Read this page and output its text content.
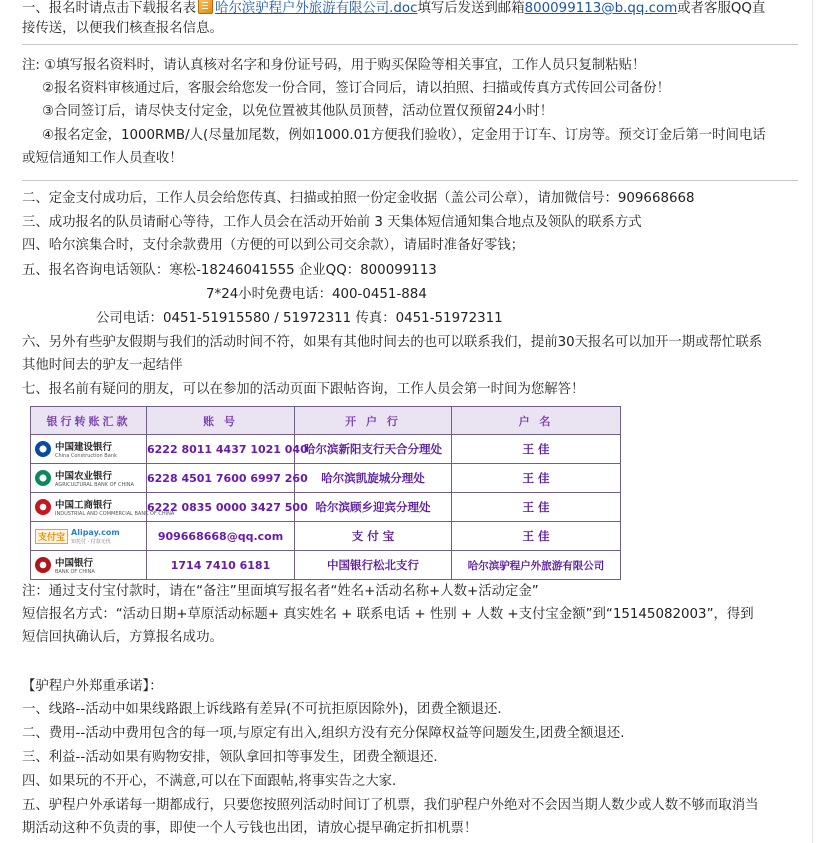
一、报名时请点击下载报名表 哈尔滨驴程户外旅游有限公司.doc填写后发送到邮箱800099113@b.qq.com或者客服QQ直
接传送，以便我们核查报名信息。
注: ①填写报名资料时，请认真核对名字和身份证号码，用于购买保险等相关事宜，工作人员只复制粘贴！
②报名资料审核通过后，客服会给您发一份合同，签订合同后，请以拍照、扫描或传真方式传回公司备份！
③合同签订后，请尽快支付定金，以免位置被其他队员顶替，活动位置仅预留24小时！
④报名定金，1000RMB/人(尽量加尾数，例如1000.01方便我们验收），定金用于订车、订房等。预交订金后第一时间电话
或短信通知工作人员查收！
二、定金支付成功后，工作人员会给您传真、扫描或拍照一份定金收据（盖公司公章），请加微信号：909668668
三、成功报名的队员请耐心等待，工作人员会在活动开始前 3 天集体短信通知集合地点及领队的联系方式
四、哈尔滨集合时，支付余款费用（方便的可以到公司交余款），请届时准备好零钱；
五、报名咨询电话领队：寒松-18246041555 企业QQ：800099113
7*24小时免费电话：400-0451-884
公司电话：0451-51915580 / 51972311 传真：0451-51972311
六、另外有些驴友假期与我们的活动时间不符，如果有其他时间去的也可以联系我们，提前30天报名可以加开一期或帮忙联系
其他时间去的驴友一起结伴
七、报名前有疑问的朋友，可以在参加的活动页面下跟帖咨询，工作人员会第一时间为您解答！
银行转账汇款	账 号	开 户 行	户 名

中国建设银行
China Construction Bank	6222 8011 4437 1021 040	哈尔滨新阳支行天合分理处	王 佳

中国农业银行
AGRICULTURAL BANK OF CHINA	6228 4501 7600 6997 260	哈尔滨凯旋城分理处	王 佳

中国工商银行
INDUSTRIAL AND COMMERCIAL BANK OF CHINA	6222 0835 0000 3427 500	哈尔滨顾乡迎宾分理处	王 佳

支付宝 Alipay.com
知托付 · 付款无忧	909668668@qq.com	支 付 宝	王 佳

中国银行
BANK OF CHINA	1714 7410 6181	中国银行松北支行	哈尔滨驴程户外旅游有限公司
注：通过支付宝付款时，请在“备注”里面填写报名者“姓名+活动名称+人数+活动定金”
短信报名方式：“活动日期+草原活动标题+ 真实姓名 + 联系电话 + 性别 + 人数 +支付宝金额”到“15145082003”，得到
短信回执确认后，方算报名成功。
【驴程户外郑重承诺】：
一、线路--活动中如果线路跟上诉线路有差异(不可抗拒原因除外)，团费全额退还.
二、费用--活动中费用包含的每一项,与原定有出入,组织方没有充分保障权益等问题发生,团费全额退还.
三、利益--活动如果有购物安排，领队拿回扣等事发生，团费全额退还.
四、如果玩的不开心，不满意,可以在下面跟帖,将事实告之大家.
五、驴程户外承诺每一期都成行，只要您按照列活动时间订了机票，我们驴程户外绝对不会因当期人数少或人数不够而取消当
期活动这种不负责的事，即使一个人亏钱也出团，请放心提早确定折扣机票！
